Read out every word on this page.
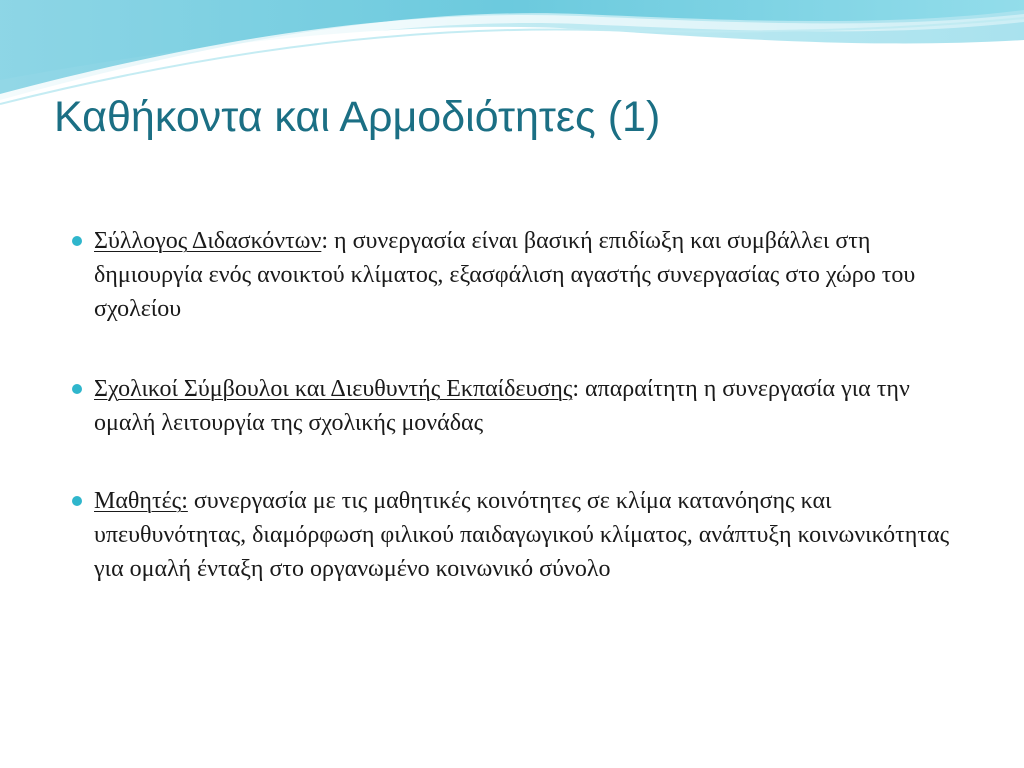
Καθήκοντα και Αρμοδιότητες (1)
Σύλλογος Διδασκόντων: η συνεργασία είναι βασική επιδίωξη και συμβάλλει στη δημιουργία ενός ανοικτού κλίματος, εξασφάλιση αγαστής συνεργασίας στο χώρο του σχολείου
Σχολικοί Σύμβουλοι και Διευθυντής Εκπαίδευσης: απαραίτητη η συνεργασία για την ομαλή λειτουργία της σχολικής μονάδας
Μαθητές: συνεργασία με τις μαθητικές κοινότητες σε κλίμα κατανόησης και υπευθυνότητας, διαμόρφωση φιλικού παιδαγωγικού κλίματος, ανάπτυξη κοινωνικότητας για ομαλή ένταξη στο οργανωμένο κοινωνικό σύνολο
